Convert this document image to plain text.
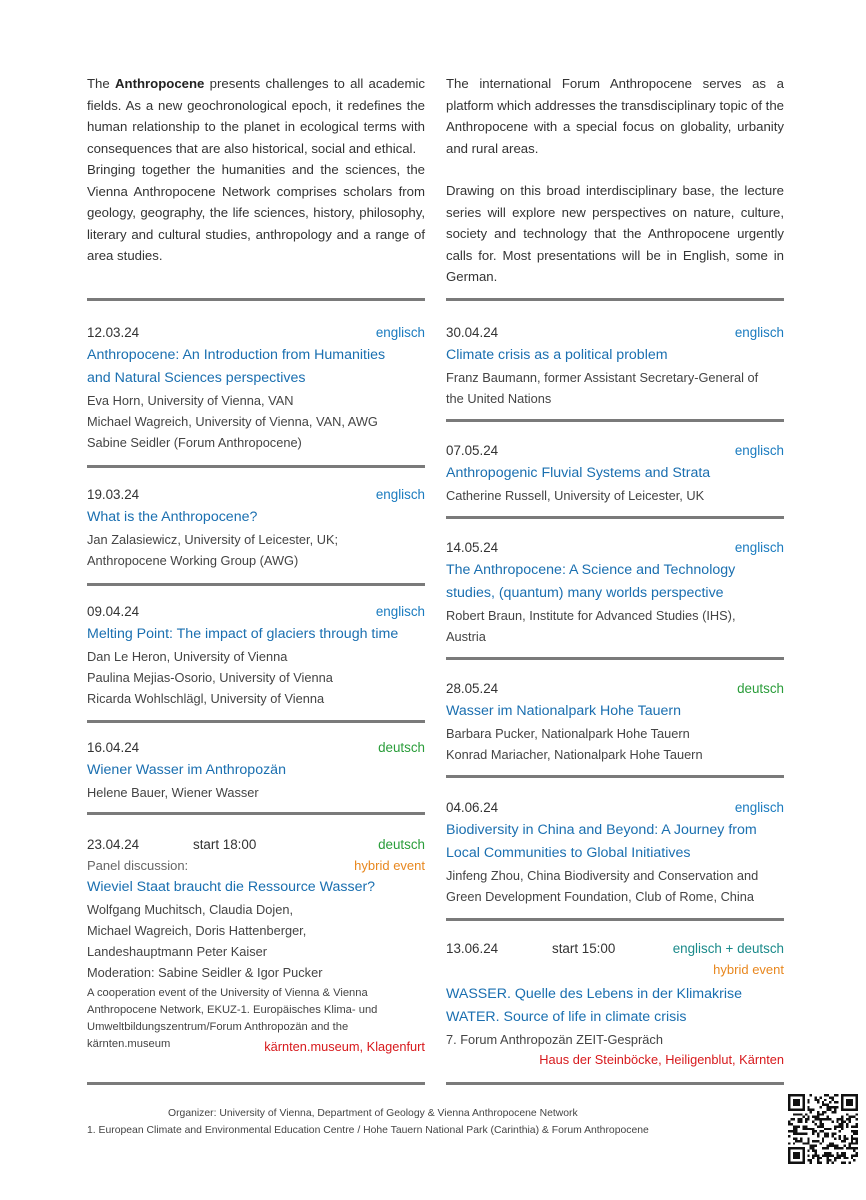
The Anthropocene presents challenges to all academic fields. As a new geochronological epoch, it redefines the human relationship to the planet in ecological terms with consequences that are also historical, social and ethical.

Bringing together the humanities and the sciences, the Vienna Anthropocene Network comprises scholars from geology, geography, the life sciences, history, philosophy, literary and cultural studies, anthropology and a range of area studies.

12.03.24	englisch
Anthropocene: An Introduction from Humanities
and Natural Sciences perspectives
Eva Horn, University of Vienna, VAN
Michael Wagreich, University of Vienna, VAN, AWG
Sabine Seidler (Forum Anthropocene)
19.03.24	englisch
What is the Anthropocene?
Jan Zalasiewicz, University of Leicester, UK;
Anthropocene Working Group (AWG)
09.04.24	englisch
Melting Point: The impact of glaciers through time
Dan Le Heron, University of Vienna
Paulina Mejias-Osorio, University of Vienna
Ricarda Wohlschlägl, University of Vienna
16.04.24	deutsch
Wiener Wasser im Anthropozän
Helene Bauer, Wiener Wasser
23.04.24	start 18:00	deutsch
Panel discussion:	hybrid event
Wieviel Staat braucht die Ressource Wasser?
Wolfgang Muchitsch, Claudia Dojen,
Michael Wagreich, Doris Hattenberger,
Landeshauptmann Peter Kaiser
Moderation: Sabine Seidler & Igor Pucker
A cooperation event of the University of Vienna & Vienna
Anthropocene Network, EKUZ-1. Europäisches Klima- und
Umweltbildungszentrum/Forum Anthropozän and the
kärnten.museum	kärnten.museum, Klagenfurt

The international Forum Anthropocene serves as a platform which addresses the transdisciplinary topic of the Anthropocene with a special focus on globality, urbanity and rural areas.

Drawing on this broad interdisciplinary base, the lecture series will explore new perspectives on nature, culture, society and technology that the Anthropocene urgently calls for. Most presentations will be in English, some in German.

30.04.24	englisch
Climate crisis as a political problem
Franz Baumann, former Assistant Secretary-General of
the United Nations
07.05.24	englisch
Anthropogenic Fluvial Systems and Strata
Catherine Russell, University of Leicester, UK
14.05.24	englisch
The Anthropocene: A Science and Technology
studies, (quantum) many worlds perspective
Robert Braun, Institute for Advanced Studies (IHS),
Austria
28.05.24	deutsch
Wasser im Nationalpark Hohe Tauern
Barbara Pucker, Nationalpark Hohe Tauern
Konrad Mariacher, Nationalpark Hohe Tauern
04.06.24	englisch
Biodiversity in China and Beyond: A Journey from
Local Communities to Global Initiatives
Jinfeng Zhou, China Biodiversity and Conservation and
Green Development Foundation, Club of Rome, China
13.06.24	start 15:00	englisch + deutsch
hybrid event
WASSER. Quelle des Lebens in der Klimakrise
WATER. Source of life in climate crisis
7. Forum Anthropozän ZEIT-Gespräch
Haus der Steinböcke, Heiligenblut, Kärnten
Organizer: University of Vienna, Department of Geology & Vienna Anthropocene Network
1. European Climate and Environmental Education Centre / Hohe Tauern National Park (Carinthia) & Forum Anthropocene
